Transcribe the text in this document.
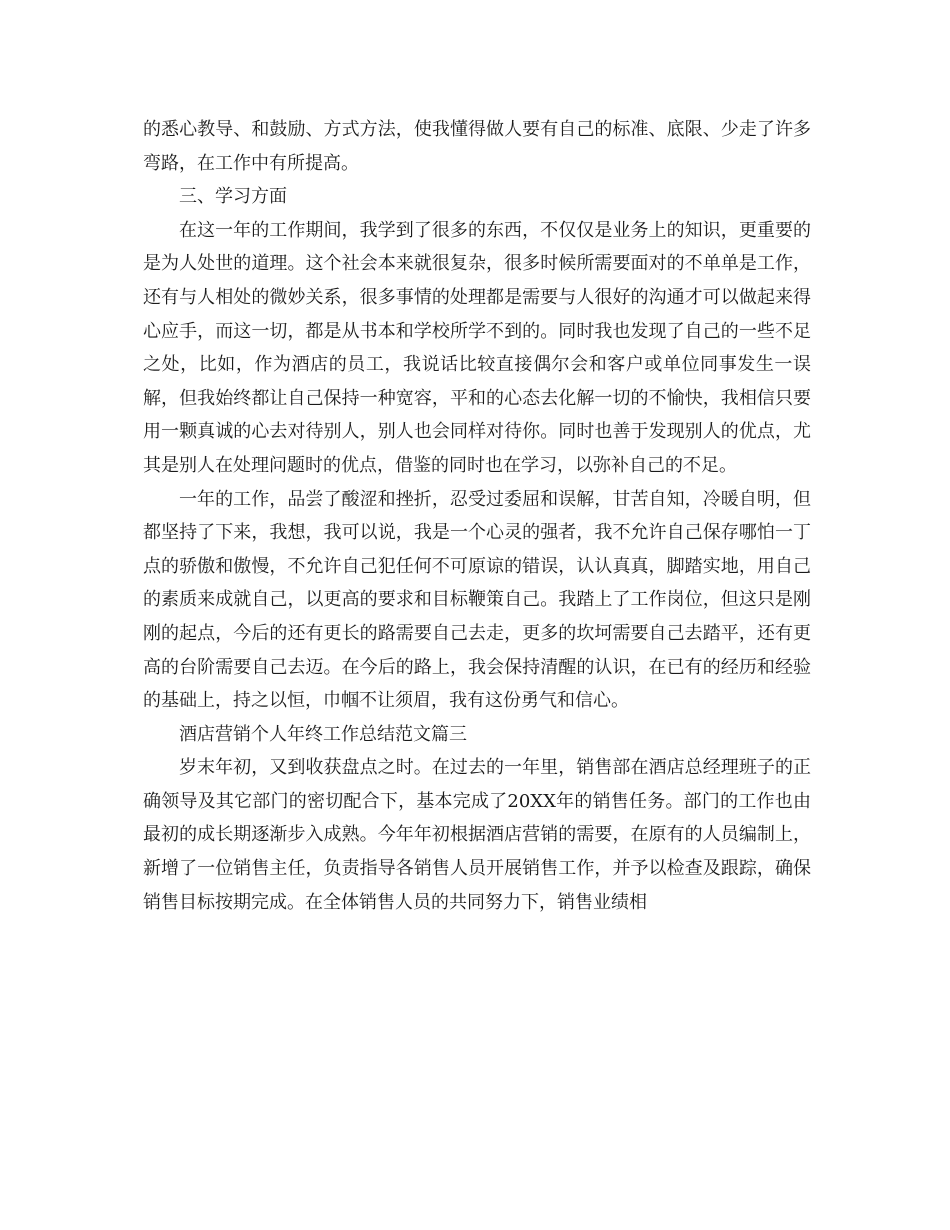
的悉心教导、和鼓励、方式方法，使我懂得做人要有自己的标准、底限、少走了许多弯路，在工作中有所提高。

三、学习方面

在这一年的工作期间，我学到了很多的东西，不仅仅是业务上的知识，更重要的是为人处世的道理。这个社会本来就很复杂，很多时候所需要面对的不单单是工作，还有与人相处的微妙关系，很多事情的处理都是需要与人很好的沟通才可以做起来得心应手，而这一切，都是从书本和学校所学不到的。同时我也发现了自己的一些不足之处，比如，作为酒店的员工，我说话比较直接偶尔会和客户或单位同事发生一误解，但我始终都让自己保持一种宽容，平和的心态去化解一切的不愉快，我相信只要用一颗真诚的心去对待别人，别人也会同样对待你。同时也善于发现别人的优点，尤其是别人在处理问题时的优点，借鉴的同时也在学习，以弥补自己的不足。

一年的工作，品尝了酸涩和挫折，忍受过委屈和误解，甘苦自知，冷暖自明，但都坚持了下来，我想，我可以说，我是一个心灵的强者，我不允许自己保存哪怕一丁点的骄傲和傲慢，不允许自己犯任何不可原谅的错误，认认真真，脚踏实地，用自己的素质来成就自己，以更高的要求和目标鞭策自己。我踏上了工作岗位，但这只是刚刚的起点，今后的还有更长的路需要自己去走，更多的坎坷需要自己去踏平，还有更高的台阶需要自己去迈。在今后的路上，我会保持清醒的认识，在已有的经历和经验的基础上，持之以恒，巾帼不让须眉，我有这份勇气和信心。

酒店营销个人年终工作总结范文篇三

岁末年初，又到收获盘点之时。在过去的一年里，销售部在酒店总经理班子的正确领导及其它部门的密切配合下，基本完成了20XX年的销售任务。部门的工作也由最初的成长期逐渐步入成熟。今年年初根据酒店营销的需要，在原有的人员编制上，新增了一位销售主任，负责指导各销售人员开展销售工作，并予以检查及跟踪，确保销售目标按期完成。在全体销售人员的共同努力下，销售业绩相
